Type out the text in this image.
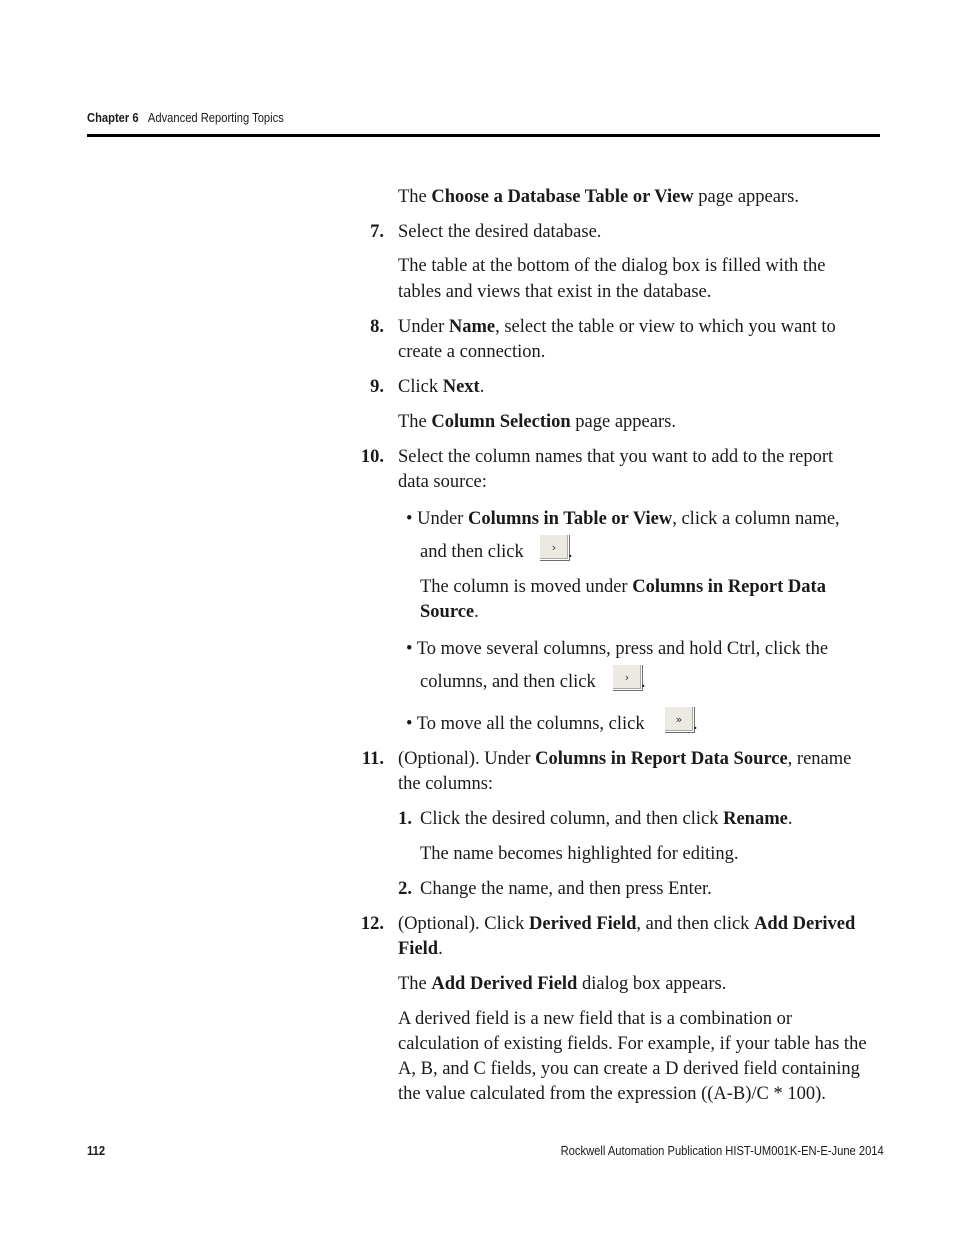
Chapter 6 Advanced Reporting Topics
The Choose a Database Table or View page appears.
7. Select the desired database.
The table at the bottom of the dialog box is filled with the
tables and views that exist in the database.
8. Under Name, select the table or view to which you want to
create a connection.
9. Click Next.
The Column Selection page appears.
10. Select the column names that you want to add to the report
data source:
• Under Columns in Table or View, click a column name,
and then click	› .
The column is moved under Columns in Report Data
Source.
• To move several columns, press and hold Ctrl, click the
columns, and then click	› .
• To move all the columns, click	» .
11. (Optional). Under Columns in Report Data Source, rename
the columns:
1. Click the desired column, and then click Rename.
The name becomes highlighted for editing.
2. Change the name, and then press Enter.
12. (Optional). Click Derived Field, and then click Add Derived
Field.
The Add Derived Field dialog box appears.
A derived field is a new field that is a combination or
calculation of existing fields. For example, if your table has the
A, B, and C fields, you can create a D derived field containing
the value calculated from the expression ((A-B)/C * 100).
112	Rockwell Automation Publication HIST-UM001K-EN-E-June 2014
